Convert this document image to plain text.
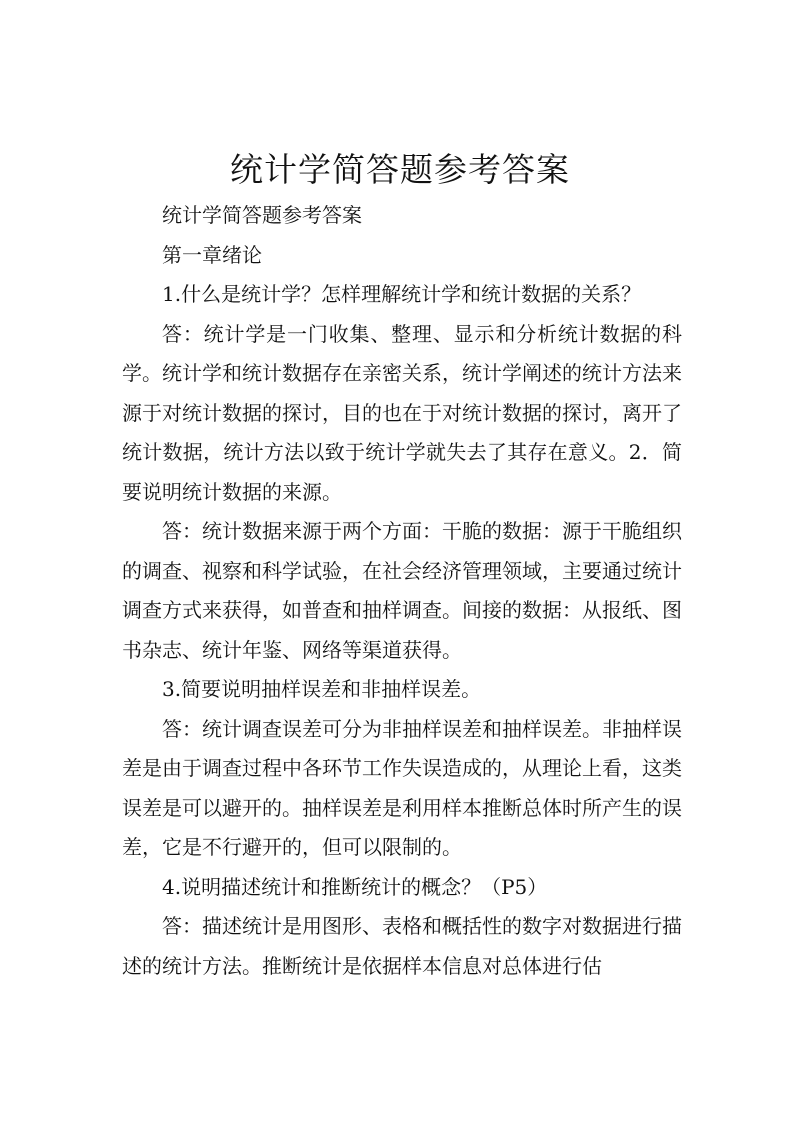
统计学简答题参考答案

统计学简答题参考答案

第一章绪论

1.什么是统计学？怎样理解统计学和统计数据的关系？

答：统计学是一门收集、整理、显示和分析统计数据的科学。统计学和统计数据存在亲密关系，统计学阐述的统计方法来源于对统计数据的探讨，目的也在于对统计数据的探讨，离开了统计数据，统计方法以致于统计学就失去了其存在意义。2．简要说明统计数据的来源。

答：统计数据来源于两个方面：干脆的数据：源于干脆组织的调查、视察和科学试验，在社会经济管理领域，主要通过统计调查方式来获得，如普查和抽样调查。间接的数据：从报纸、图书杂志、统计年鉴、网络等渠道获得。

3.简要说明抽样误差和非抽样误差。

答：统计调查误差可分为非抽样误差和抽样误差。非抽样误差是由于调查过程中各环节工作失误造成的，从理论上看，这类误差是可以避开的。抽样误差是利用样本推断总体时所产生的误差，它是不行避开的，但可以限制的。

4.说明描述统计和推断统计的概念？（P5）

答：描述统计是用图形、表格和概括性的数字对数据进行描述的统计方法。推断统计是依据样本信息对总体进行估
